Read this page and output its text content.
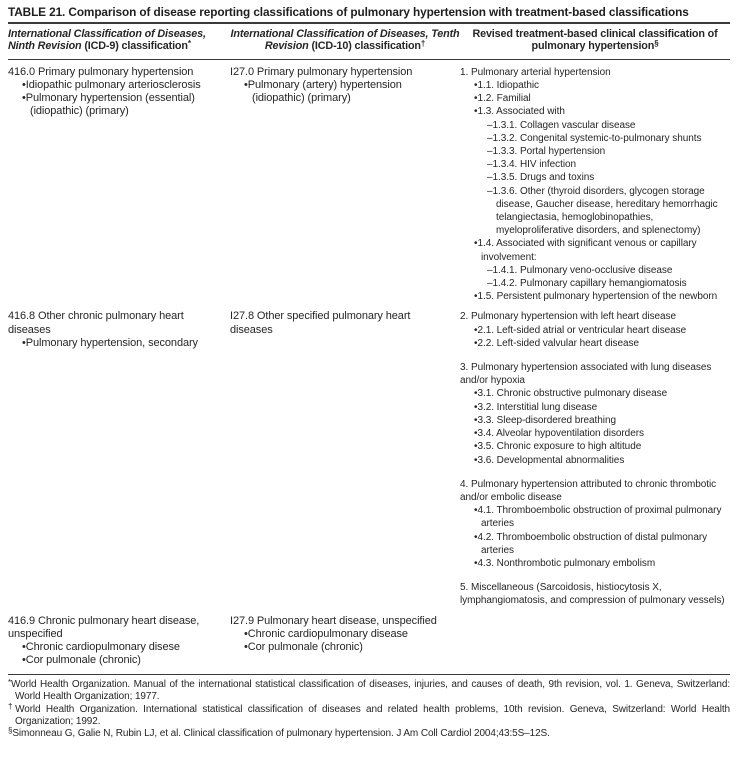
TABLE 21. Comparison of disease reporting classifications of pulmonary hypertension with treatment-based classifications
International Classification of Diseases, Ninth Revision (ICD-9) classification*
International Classification of Diseases, Tenth Revision (ICD-10) classification†
Revised treatment-based clinical classification of pulmonary hypertension§
416.0 Primary pulmonary hypertension
• Idiopathic pulmonary arteriosclerosis
• Pulmonary hypertension (essential) (idiopathic) (primary)
I27.0 Primary pulmonary hypertension
• Pulmonary (artery) hypertension (idiopathic) (primary)
1. Pulmonary arterial hypertension
• 1.1. Idiopathic
• 1.2. Familial
• 1.3. Associated with
– 1.3.1. Collagen vascular disease
– 1.3.2. Congenital systemic-to-pulmonary shunts
– 1.3.3. Portal hypertension
– 1.3.4. HIV infection
– 1.3.5. Drugs and toxins
– 1.3.6. Other (thyroid disorders, glycogen storage disease, Gaucher disease, hereditary hemorrhagic telangiectasia, hemoglobinopathies, myeloproliferative disorders, and splenectomy)
• 1.4. Associated with significant venous or capillary involvement:
– 1.4.1. Pulmonary veno-occlusive disease
– 1.4.2. Pulmonary capillary hemangiomatosis
• 1.5. Persistent pulmonary hypertension of the newborn
416.8 Other chronic pulmonary heart diseases
• Pulmonary hypertension, secondary
I27.8 Other specified pulmonary heart diseases
2. Pulmonary hypertension with left heart disease
• 2.1. Left-sided atrial or ventricular heart disease
• 2.2. Left-sided valvular heart disease
3. Pulmonary hypertension associated with lung diseases and/or hypoxia
• 3.1. Chronic obstructive pulmonary disease
• 3.2. Interstitial lung disease
• 3.3. Sleep-disordered breathing
• 3.4. Alveolar hypoventilation disorders
• 3.5. Chronic exposure to high altitude
• 3.6. Developmental abnormalities
4. Pulmonary hypertension attributed to chronic thrombotic and/or embolic disease
• 4.1. Thromboembolic obstruction of proximal pulmonary arteries
• 4.2. Thromboembolic obstruction of distal pulmonary arteries
• 4.3. Nonthrombotic pulmonary embolism
5. Miscellaneous (Sarcoidosis, histiocytosis X, lymphangiomatosis, and compression of pulmonary vessels)
416.9 Chronic pulmonary heart disease, unspecified
• Chronic cardiopulmonary disese
• Cor pulmonale (chronic)
I27.9 Pulmonary heart disease, unspecified
• Chronic cardiopulmonary disease
• Cor pulmonale (chronic)
*World Health Organization. Manual of the international statistical classification of diseases, injuries, and causes of death, 9th revision, vol. 1. Geneva, Switzerland: World Health Organization; 1977.
†World Health Organization. International statistical classification of diseases and related health problems, 10th revision. Geneva, Switzerland: World Health Organization; 1992.
§Simonneau G, Galie N, Rubin LJ, et al. Clinical classification of pulmonary hypertension. J Am Coll Cardiol 2004;43:5S–12S.
